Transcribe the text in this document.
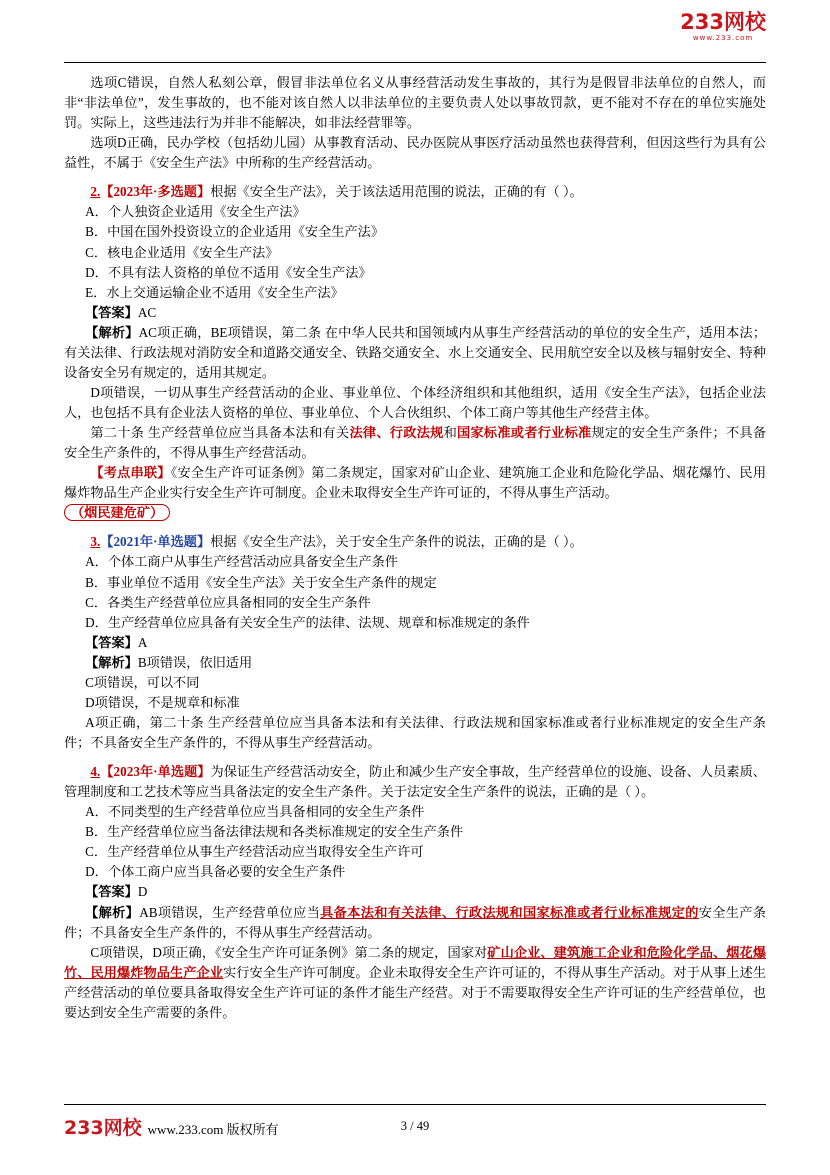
233网校
www.233.com

选项C错误，自然人私刻公章，假冒非法单位名义从事经营活动发生事故的，其行为是假冒非法单位的自然人，而非“非法单位”，发生事故的，也不能对该自然人以非法单位的主要负责人处以事故罚款，更不能对不存在的单位实施处罚。实际上，这些违法行为并非不能解决，如非法经营罪等。

选项D正确，民办学校（包括幼儿园）从事教育活动、民办医院从事医疗活动虽然也获得营利，但因这些行为具有公益性，不属于《安全生产法》中所称的生产经营活动。

2.【2023年·多选题】根据《安全生产法》，关于该法适用范围的说法，正确的有（ ）。

A．个人独资企业适用《安全生产法》

B．中国在国外投资设立的企业适用《安全生产法》

C．核电企业适用《安全生产法》

D．不具有法人资格的单位不适用《安全生产法》

E．水上交通运输企业不适用《安全生产法》

【答案】AC

【解析】AC项正确，BE项错误，第二条 在中华人民共和国领域内从事生产经营活动的单位的安全生产，适用本法；有关法律、行政法规对消防安全和道路交通安全、铁路交通安全、水上交通安全、民用航空安全以及核与辐射安全、特种设备安全另有规定的，适用其规定。

D项错误，一切从事生产经营活动的企业、事业单位、个体经济组织和其他组织，适用《安全生产法》，包括企业法人，也包括不具有企业法人资格的单位、事业单位、个人合伙组织、个体工商户等其他生产经营主体。

第二十条 生产经营单位应当具备本法和有关法律、行政法规和国家标准或者行业标准规定的安全生产条件；不具备安全生产条件的，不得从事生产经营活动。

【考点串联】《安全生产许可证条例》第二条规定，国家对矿山企业、建筑施工企业和危险化学品、烟花爆竹、民用爆炸物品生产企业实行安全生产许可制度。企业未取得安全生产许可证的，不得从事生产活动。

（烟民建危矿）

3.【2021年·单选题】根据《安全生产法》，关于安全生产条件的说法，正确的是（ ）。

A．个体工商户从事生产经营活动应具备安全生产条件

B．事业单位不适用《安全生产法》关于安全生产条件的规定

C．各类生产经营单位应具备相同的安全生产条件

D．生产经营单位应具备有关安全生产的法律、法规、规章和标准规定的条件

【答案】A

【解析】B项错误，依旧适用

C项错误，可以不同

D项错误，不是规章和标准

A项正确，第二十条 生产经营单位应当具备本法和有关法律、行政法规和国家标准或者行业标准规定的安全生产条件；不具备安全生产条件的，不得从事生产经营活动。

4.【2023年·单选题】为保证生产经营活动安全，防止和减少生产安全事故，生产经营单位的设施、设备、人员素质、管理制度和工艺技术等应当具备法定的安全生产条件。关于法定安全生产条件的说法，正确的是（ ）。

A．不同类型的生产经营单位应当具备相同的安全生产条件

B．生产经营单位应当备法律法规和各类标准规定的安全生产条件

C．生产经营单位从事生产经营活动应当取得安全生产许可

D．个体工商户应当具备必要的安全生产条件

【答案】D

【解析】AB项错误，生产经营单位应当具备本法和有关法律、行政法规和国家标准或者行业标准规定的安全生产条件；不具备安全生产条件的，不得从事生产经营活动。

C项错误，D项正确，《安全生产许可证条例》第二条的规定，国家对矿山企业、建筑施工企业和危险化学品、烟花爆竹、民用爆炸物品生产企业实行安全生产许可制度。企业未取得安全生产许可证的，不得从事生产活动。对于从事上述生产经营活动的单位要具备取得安全生产许可证的条件才能生产经营。对于不需要取得安全生产许可证的生产经营单位，也要达到安全生产需要的条件。

233网校 www.233.com 版权所有	3 / 49
